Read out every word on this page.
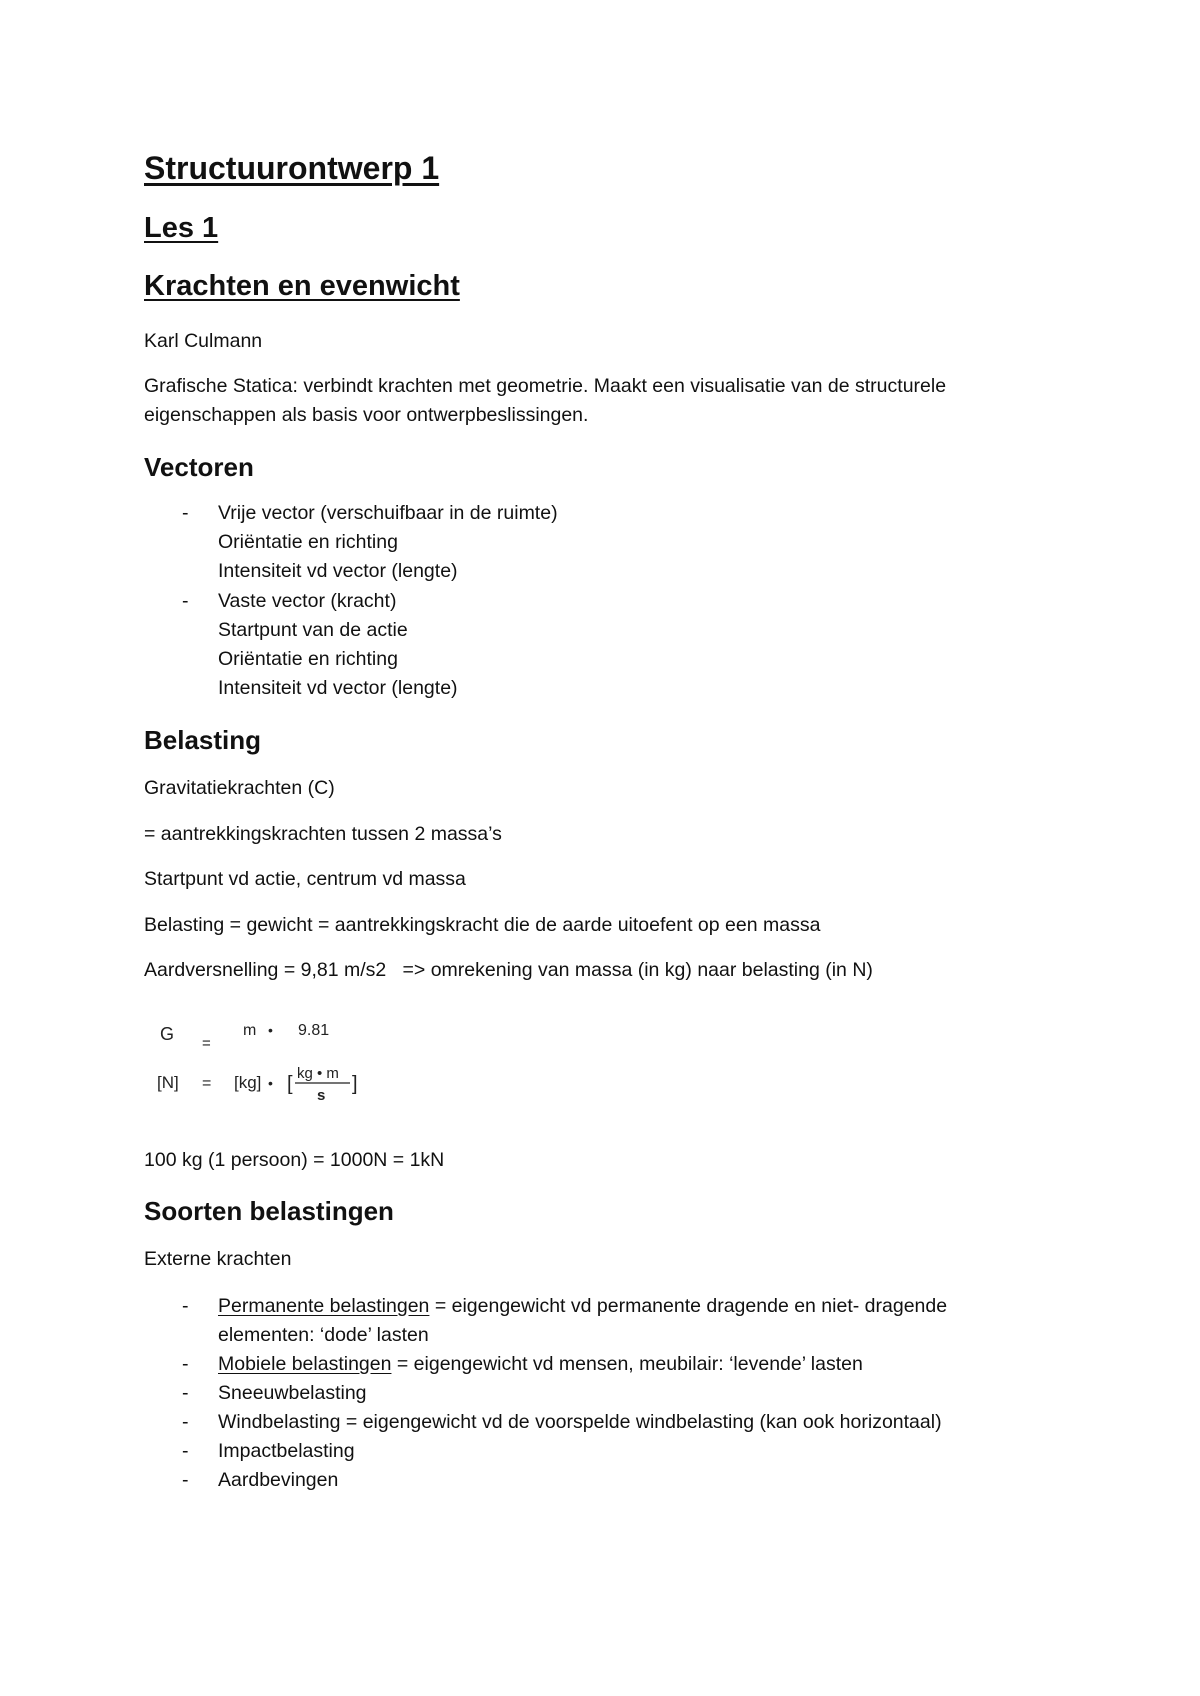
Structuurontwerp 1
Les 1
Krachten en evenwicht
Karl Culmann
Grafische Statica: verbindt krachten met geometrie. Maakt een visualisatie van de structurele
eigenschappen als basis voor ontwerpbeslissingen.
Vectoren
- Vrije vector (verschuifbaar in de ruimte)
Oriëntatie en richting
Intensiteit vd vector (lengte)
- Vaste vector (kracht)
Startpunt van de actie
Oriëntatie en richting
Intensiteit vd vector (lengte)
Belasting
Gravitatiekrachten (C)
= aantrekkingskrachten tussen 2 massa’s
Startpunt vd actie, centrum vd massa
Belasting = gewicht = aantrekkingskracht die de aarde uitoefent op een massa
Aardversnelling = 9,81 m/s2   => omrekening van massa (in kg) naar belasting (in N)
G =
m • 9.81
[N] = [kg] • [ kg • m
s
]
100 kg (1 persoon) = 1000N = 1kN
Soorten belastingen
Externe krachten
- Permanente belastingen = eigengewicht vd permanente dragende en niet- dragende
elementen: ‘dode’ lasten
- Mobiele belastingen = eigengewicht vd mensen, meubilair: ‘levende’ lasten
- Sneeuwbelasting
- Windbelasting = eigengewicht vd de voorspelde windbelasting (kan ook horizontaal)
- Impactbelasting
- Aardbevingen
